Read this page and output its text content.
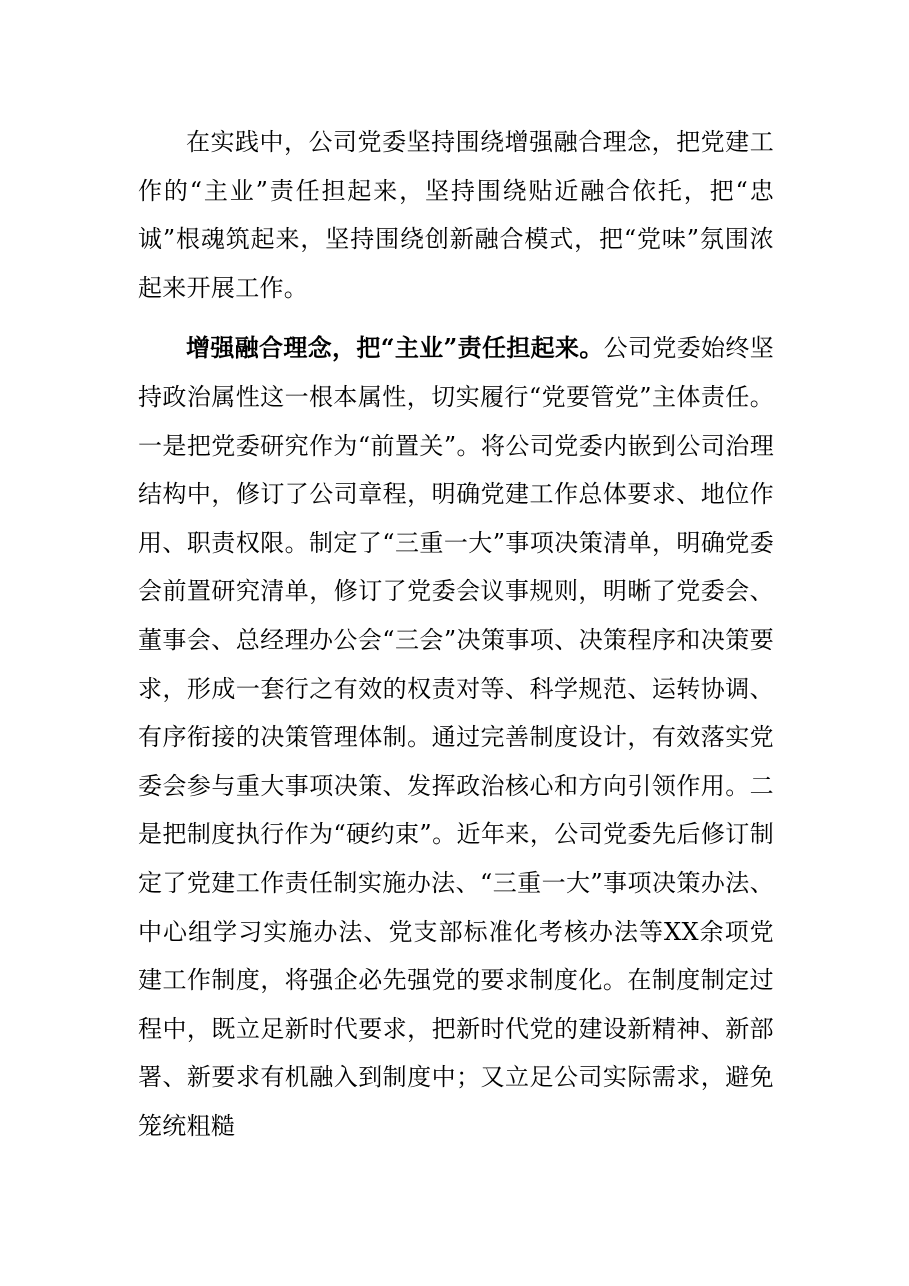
在实践中，公司党委坚持围绕增强融合理念，把党建工作的“主业”责任担起来，坚持围绕贴近融合依托，把“忠诚”根魂筑起来，坚持围绕创新融合模式，把“党味”氛围浓起来开展工作。

增强融合理念，把“主业”责任担起来。公司党委始终坚持政治属性这一根本属性，切实履行“党要管党”主体责任。一是把党委研究作为“前置关”。将公司党委内嵌到公司治理结构中，修订了公司章程，明确党建工作总体要求、地位作用、职责权限。制定了“三重一大”事项决策清单，明确党委会前置研究清单，修订了党委会议事规则，明晰了党委会、董事会、总经理办公会“三会”决策事项、决策程序和决策要求，形成一套行之有效的权责对等、科学规范、运转协调、有序衔接的决策管理体制。通过完善制度设计，有效落实党委会参与重大事项决策、发挥政治核心和方向引领作用。二是把制度执行作为“硬约束”。近年来，公司党委先后修订制定了党建工作责任制实施办法、“三重一大”事项决策办法、中心组学习实施办法、党支部标准化考核办法等XX余项党建工作制度，将强企必先强党的要求制度化。在制度制定过程中，既立足新时代要求，把新时代党的建设新精神、新部署、新要求有机融入到制度中；又立足公司实际需求，避免笼统粗糙
